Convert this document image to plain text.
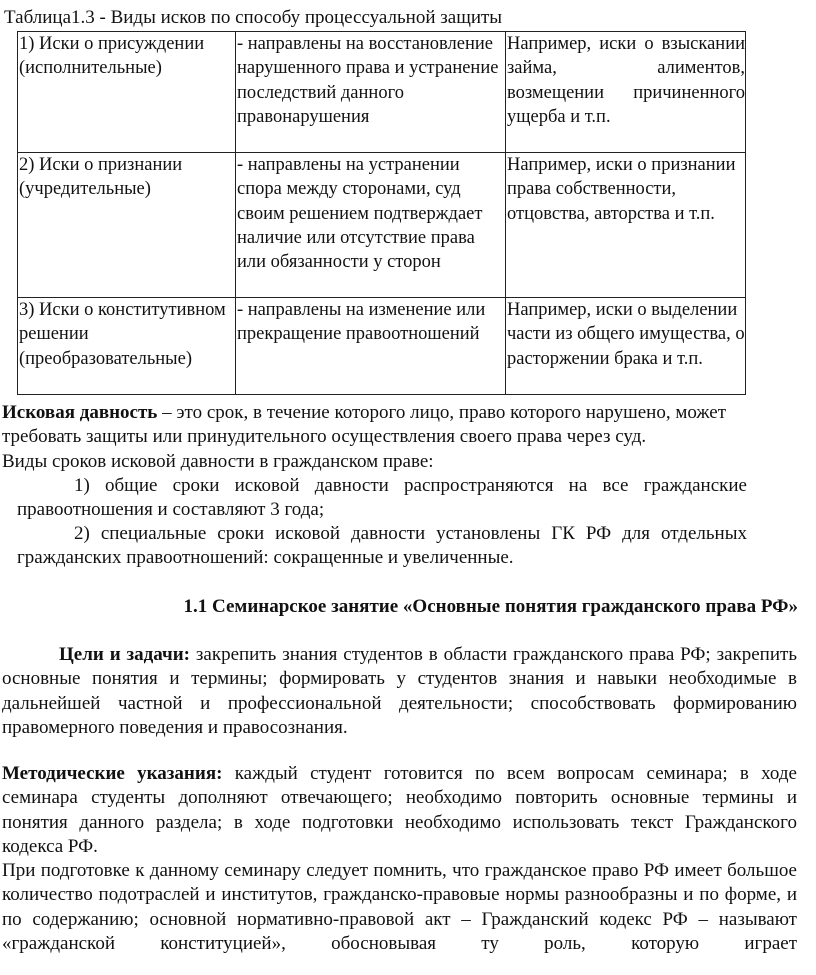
Таблица1.3 - Виды исков по способу процессуальной защиты
1) Иски о присуждении (исполнительные)	- направлены на восстановление нарушенного права и устранение последствий данного правонарушения	Например, иски о взыскании займа, алиментов, возмещении причиненного ущерба и т.п.
2) Иски о признании (учредительные)	- направлены на устранении спора между сторонами, суд своим решением подтверждает наличие или отсутствие права или обязанности у сторон	Например, иски о признании права собственности, отцовства, авторства и т.п.
3) Иски о конститутивном решении (преобразовательные)	- направлены на изменение или прекращение правоотношений	Например, иски о выделении части из общего имущества, о расторжении брака и т.п.
Исковая давность – это срок, в течение которого лицо, право которого нарушено, может требовать защиты или принудительного осуществления своего права через суд.
Виды сроков исковой давности в гражданском праве:
1) общие сроки исковой давности распространяются на все гражданские
правоотношения и составляют 3 года;
2) специальные сроки исковой давности установлены ГК РФ для отдельных
гражданских правоотношений: сокращенные и увеличенные.
1.1 Семинарское занятие «Основные понятия гражданского права РФ»
Цели и задачи: закрепить знания студентов в области гражданского права РФ; закрепить основные понятия и термины; формировать у студентов знания и навыки необходимые в дальнейшей частной и профессиональной деятельности; способствовать формированию правомерного поведения и правосознания.
Методические указания: каждый студент готовится по всем вопросам семинара; в ходе семинара студенты дополняют отвечающего; необходимо повторить основные термины и понятия данного раздела; в ходе подготовки необходимо использовать текст Гражданского кодекса РФ.
При подготовке к данному семинару следует помнить, что гражданское право РФ имеет большое количество подотраслей и институтов, гражданско-правовые нормы разнообразны и по форме, и по содержанию; основной нормативно-правовой акт – Гражданский кодекс РФ – называют «гражданской конституцией», обосновывая ту роль, которую играет
